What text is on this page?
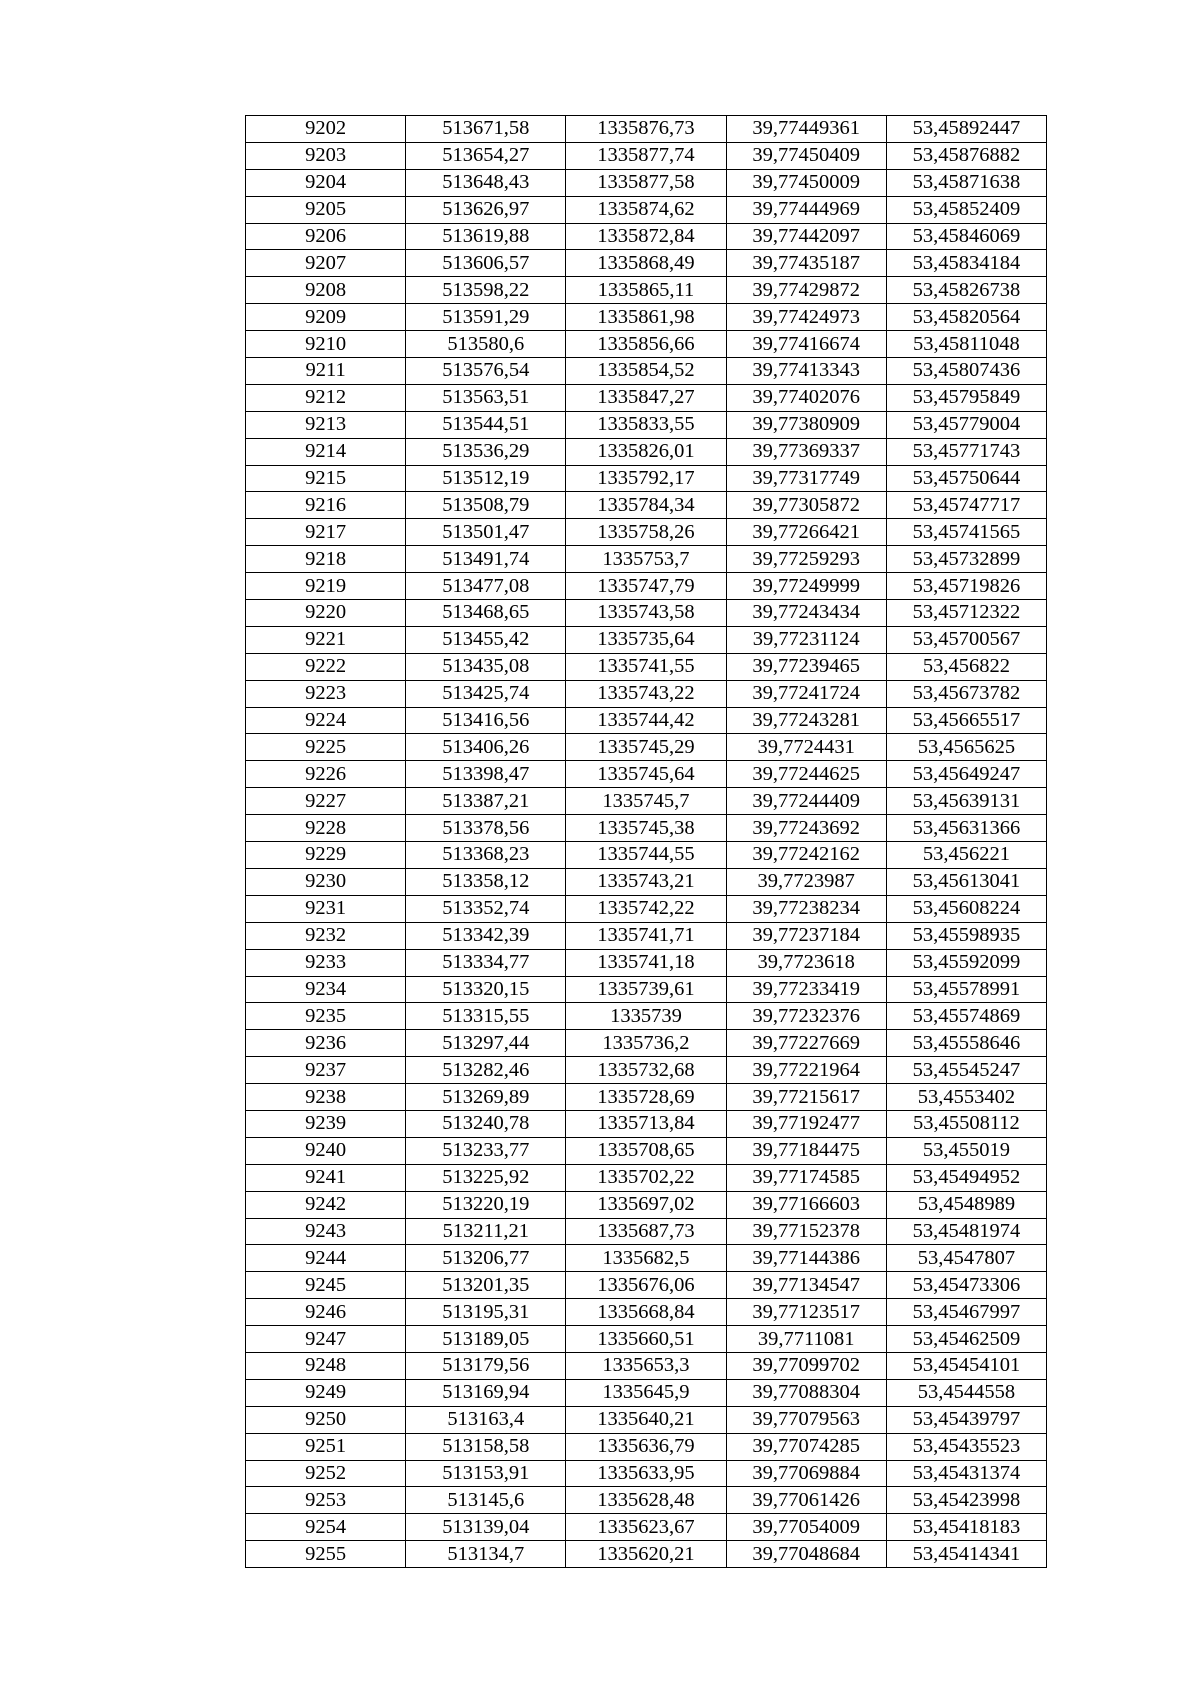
9202	513671,58	1335876,73	39,77449361	53,45892447
9203	513654,27	1335877,74	39,77450409	53,45876882
9204	513648,43	1335877,58	39,77450009	53,45871638
9205	513626,97	1335874,62	39,77444969	53,45852409
9206	513619,88	1335872,84	39,77442097	53,45846069
9207	513606,57	1335868,49	39,77435187	53,45834184
9208	513598,22	1335865,11	39,77429872	53,45826738
9209	513591,29	1335861,98	39,77424973	53,45820564
9210	513580,6	1335856,66	39,77416674	53,45811048
9211	513576,54	1335854,52	39,77413343	53,45807436
9212	513563,51	1335847,27	39,77402076	53,45795849
9213	513544,51	1335833,55	39,77380909	53,45779004
9214	513536,29	1335826,01	39,77369337	53,45771743
9215	513512,19	1335792,17	39,77317749	53,45750644
9216	513508,79	1335784,34	39,77305872	53,45747717
9217	513501,47	1335758,26	39,77266421	53,45741565
9218	513491,74	1335753,7	39,77259293	53,45732899
9219	513477,08	1335747,79	39,77249999	53,45719826
9220	513468,65	1335743,58	39,77243434	53,45712322
9221	513455,42	1335735,64	39,77231124	53,45700567
9222	513435,08	1335741,55	39,77239465	53,456822
9223	513425,74	1335743,22	39,77241724	53,45673782
9224	513416,56	1335744,42	39,77243281	53,45665517
9225	513406,26	1335745,29	39,7724431	53,4565625
9226	513398,47	1335745,64	39,77244625	53,45649247
9227	513387,21	1335745,7	39,77244409	53,45639131
9228	513378,56	1335745,38	39,77243692	53,45631366
9229	513368,23	1335744,55	39,77242162	53,456221
9230	513358,12	1335743,21	39,7723987	53,45613041
9231	513352,74	1335742,22	39,77238234	53,45608224
9232	513342,39	1335741,71	39,77237184	53,45598935
9233	513334,77	1335741,18	39,7723618	53,45592099
9234	513320,15	1335739,61	39,77233419	53,45578991
9235	513315,55	1335739	39,77232376	53,45574869
9236	513297,44	1335736,2	39,77227669	53,45558646
9237	513282,46	1335732,68	39,77221964	53,45545247
9238	513269,89	1335728,69	39,77215617	53,4553402
9239	513240,78	1335713,84	39,77192477	53,45508112
9240	513233,77	1335708,65	39,77184475	53,455019
9241	513225,92	1335702,22	39,77174585	53,45494952
9242	513220,19	1335697,02	39,77166603	53,4548989
9243	513211,21	1335687,73	39,77152378	53,45481974
9244	513206,77	1335682,5	39,77144386	53,4547807
9245	513201,35	1335676,06	39,77134547	53,45473306
9246	513195,31	1335668,84	39,77123517	53,45467997
9247	513189,05	1335660,51	39,7711081	53,45462509
9248	513179,56	1335653,3	39,77099702	53,45454101
9249	513169,94	1335645,9	39,77088304	53,4544558
9250	513163,4	1335640,21	39,77079563	53,45439797
9251	513158,58	1335636,79	39,77074285	53,45435523
9252	513153,91	1335633,95	39,77069884	53,45431374
9253	513145,6	1335628,48	39,77061426	53,45423998
9254	513139,04	1335623,67	39,77054009	53,45418183
9255	513134,7	1335620,21	39,77048684	53,45414341
